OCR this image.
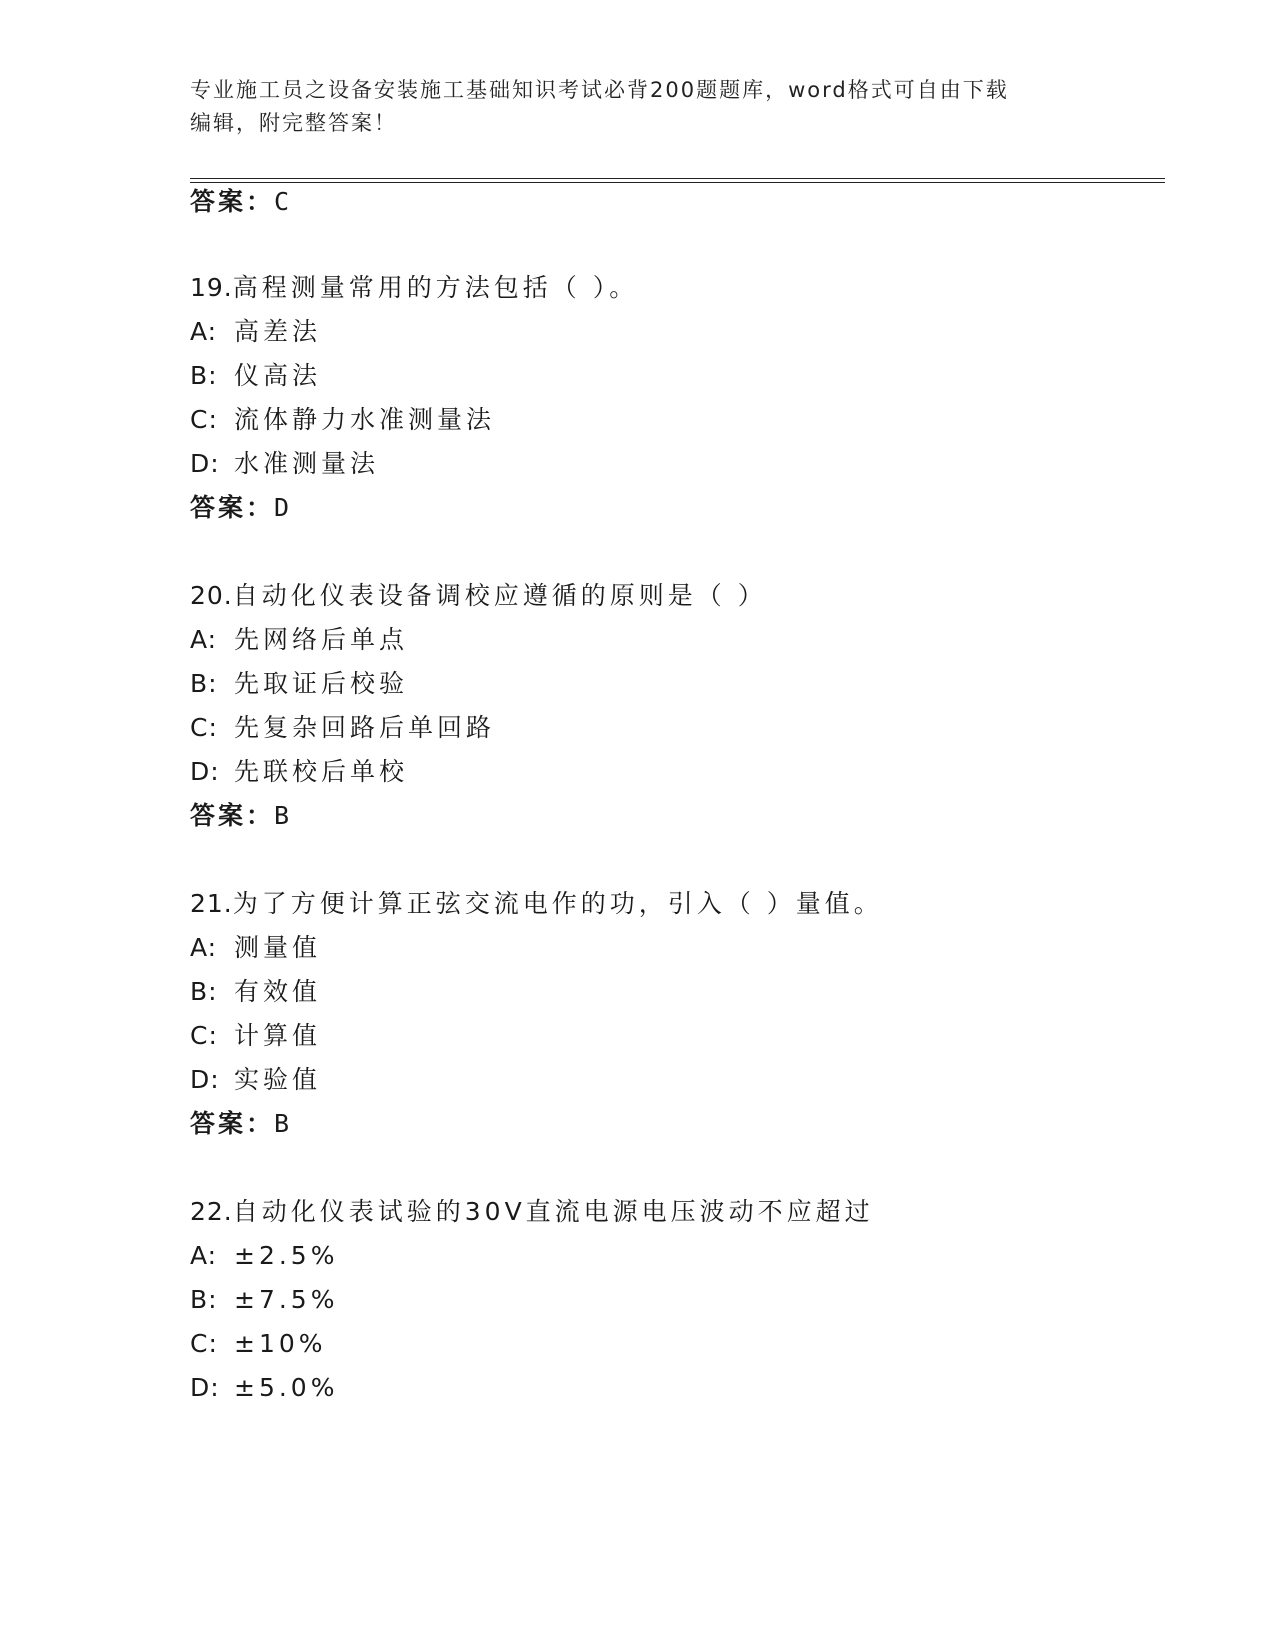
专业施工员之设备安装施工基础知识考试必背200题题库，word格式可自由下载
编辑，附完整答案！
答案：C
19.高程测量常用的方法包括（ ）。
A: 高差法
B: 仪高法
C: 流体静力水准测量法
D: 水准测量法
答案：D
20.自动化仪表设备调校应遵循的原则是（ ）
A: 先网络后单点
B: 先取证后校验
C: 先复杂回路后单回路
D: 先联校后单校
答案：B
21.为了方便计算正弦交流电作的功，引入（ ）量值。
A: 测量值
B: 有效值
C: 计算值
D: 实验值
答案：B
22.自动化仪表试验的30V直流电源电压波动不应超过
A: ±2.5%
B: ±7.5%
C: ±10%
D: ±5.0%
